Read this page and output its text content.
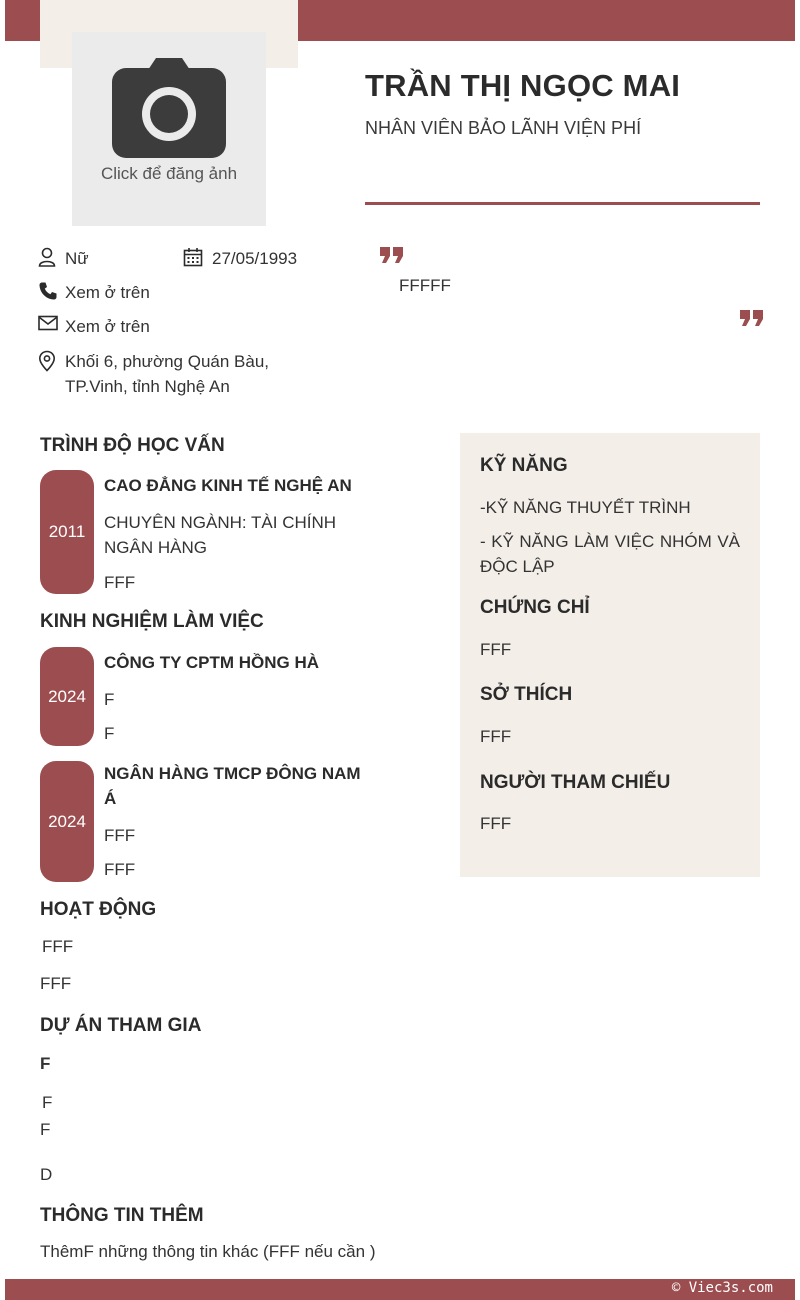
Click để đăng ảnh
TRẦN THỊ NGỌC MAI
NHÂN VIÊN BẢO LÃNH VIỆN PHÍ
Nữ	27/05/1993
Xem ở trên
Xem ở trên
Khối 6, phường Quán Bàu,
TP.Vinh, tỉnh Nghệ An
FFFFF
TRÌNH ĐỘ HỌC VẤN
2011
CAO ĐẲNG KINH TẾ NGHỆ AN
CHUYÊN NGÀNH: TÀI CHÍNH
NGÂN HÀNG
FFF
KINH NGHIỆM LÀM VIỆC
2024
CÔNG TY CPTM HỒNG HÀ
F
F
2024
NGÂN HÀNG TMCP ĐÔNG NAM
Á
FFF
FFF
HOẠT ĐỘNG
FFF
FFF
DỰ ÁN THAM GIA
F
F
F
D
THÔNG TIN THÊM
ThêmF những thông tin khác (FFF nếu cần )
KỸ NĂNG
-KỸ NĂNG THUYẾT TRÌNH
- KỸ NĂNG LÀM VIỆC NHÓM VÀ
ĐỘC LẬP
CHỨNG CHỈ
FFF
SỞ THÍCH
FFF
NGƯỜI THAM CHIẾU
FFF
© Viec3s.com
